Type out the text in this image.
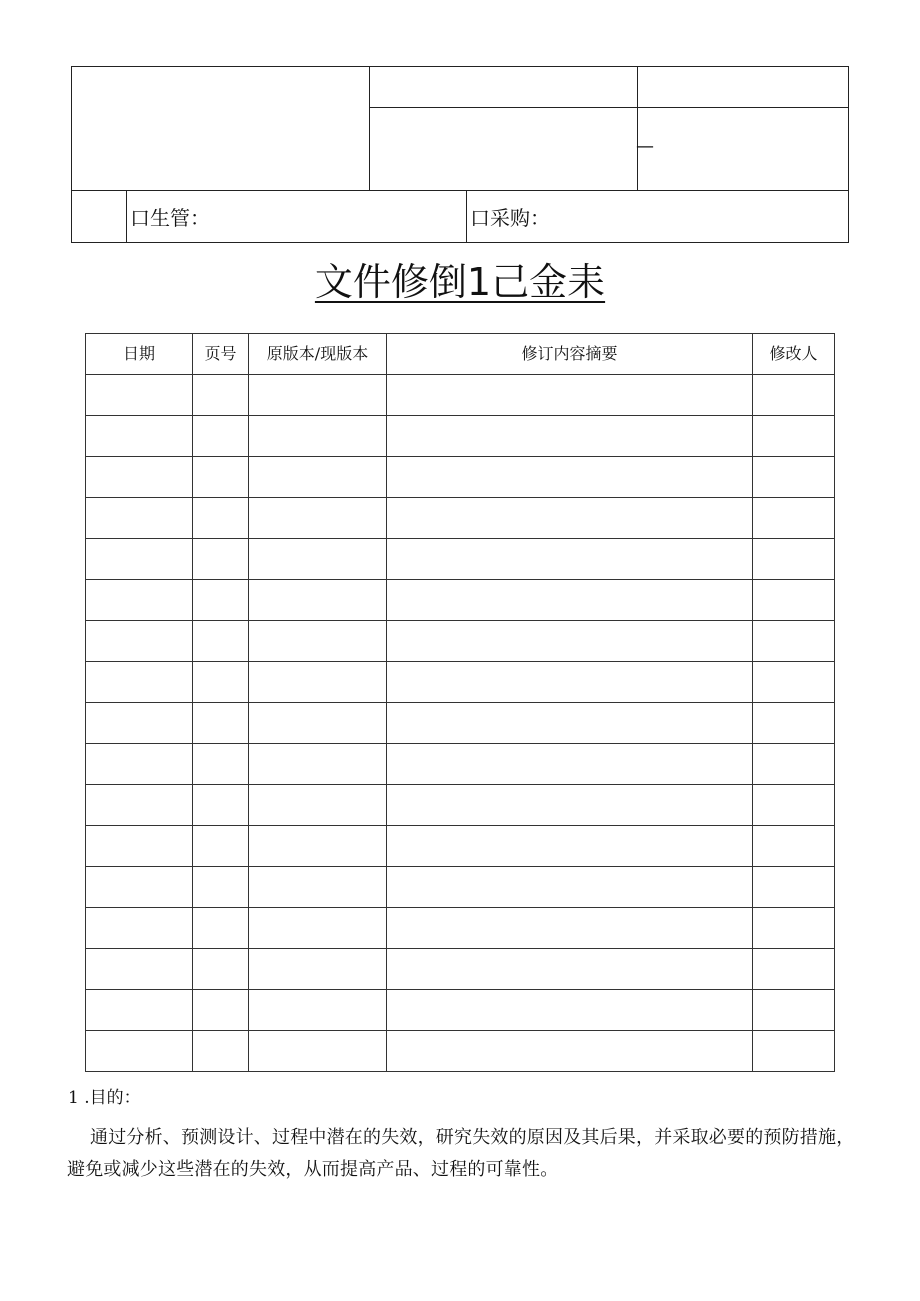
—
口生管：	口采购：
文件修倒1己金耒
日期	页号	原版本/现版本	修订内容摘要	修改人

1 .目的：
通过分析、预测设计、过程中潜在的失效，研究失效的原因及其后果，并采取必要的预防措施，避免或减少这些潜在的失效，从而提高产品、过程的可靠性。
